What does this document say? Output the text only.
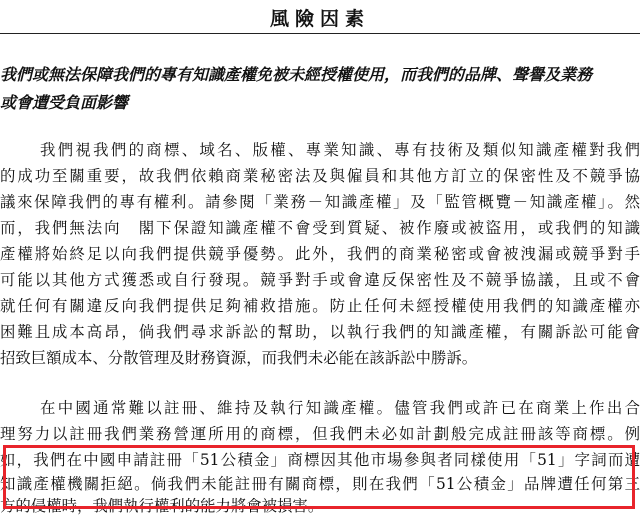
風險因素
我們或無法保障我們的專有知識產權免被未經授權使用，而我們的品牌、聲譽及業務
或會遭受負面影響
我們視我們的商標、域名、版權、專業知識、專有技術及類似知識產權對我們
的成功至關重要，故我們依賴商業秘密法及與僱員和其他方訂立的保密性及不競爭協
議來保障我們的專有權利。請參閱「業務－知識產權」及「監管概覽－知識產權」。然
而，我們無法向　閣下保證知識產權不會受到質疑、被作廢或被盜用，或我們的知識
產權將始終足以向我們提供競爭優勢。此外，我們的商業秘密或會被洩漏或競爭對手
可能以其他方式獲悉或自行發現。競爭對手或會違反保密性及不競爭協議，且或不會
就任何有關違反向我們提供足夠補救措施。防止任何未經授權使用我們的知識產權亦
困難且成本高昂，倘我們尋求訴訟的幫助，以執行我們的知識產權，有關訴訟可能會
招致巨額成本、分散管理及財務資源，而我們未必能在該訴訟中勝訴。
在中國通常難以註冊、維持及執行知識產權。儘管我們或許已在商業上作出合
理努力以註冊我們業務營運所用的商標，但我們未必如計劃般完成註冊該等商標。例
如，我們在中國申請註冊「51公積金」商標因其他市場參與者同樣使用「51」字詞而遭
知識產權機關拒絕。倘我們未能註冊有關商標，則在我們「51公積金」品牌遭任何第三
方的侵權時，我們執行權利的能力將會被損害。
